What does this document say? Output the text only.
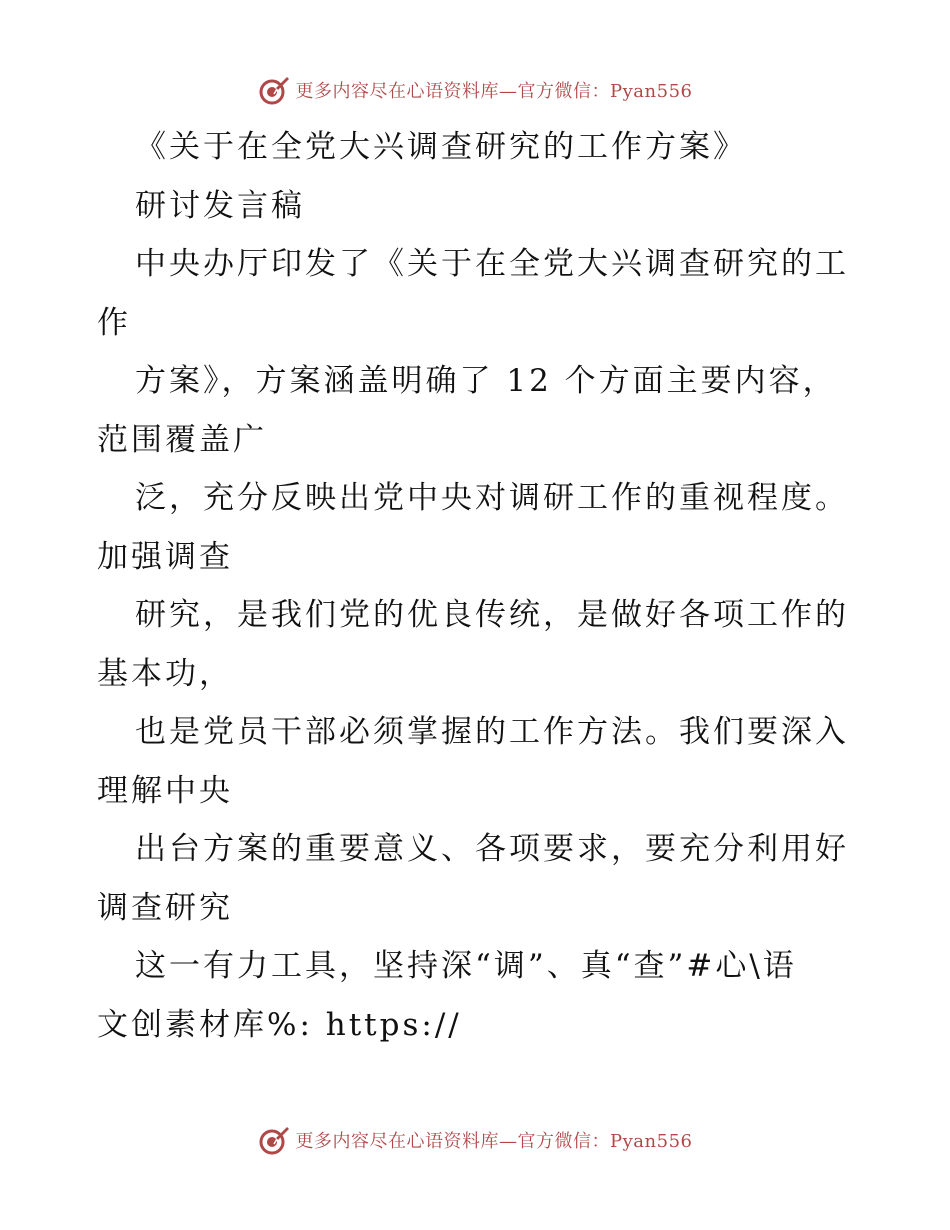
更多内容尽在心语资料库—官方微信：Pyan556
《关于在全党大兴调查研究的工作方案》
研讨发言稿
中央办厅印发了《关于在全党大兴调查研究的工
作
方案》，方案涵盖明确了 12 个方面主要内容，
范围覆盖广
泛，充分反映出党中央对调研工作的重视程度。
加强调查
研究，是我们党的优良传统，是做好各项工作的
基本功，
也是党员干部必须掌握的工作方法。我们要深入
理解中央
出台方案的重要意义、各项要求，要充分利用好
调查研究
这一有力工具，坚持深“调”、真“查”#心\语
文创素材库%: https://
更多内容尽在心语资料库—官方微信：Pyan556
